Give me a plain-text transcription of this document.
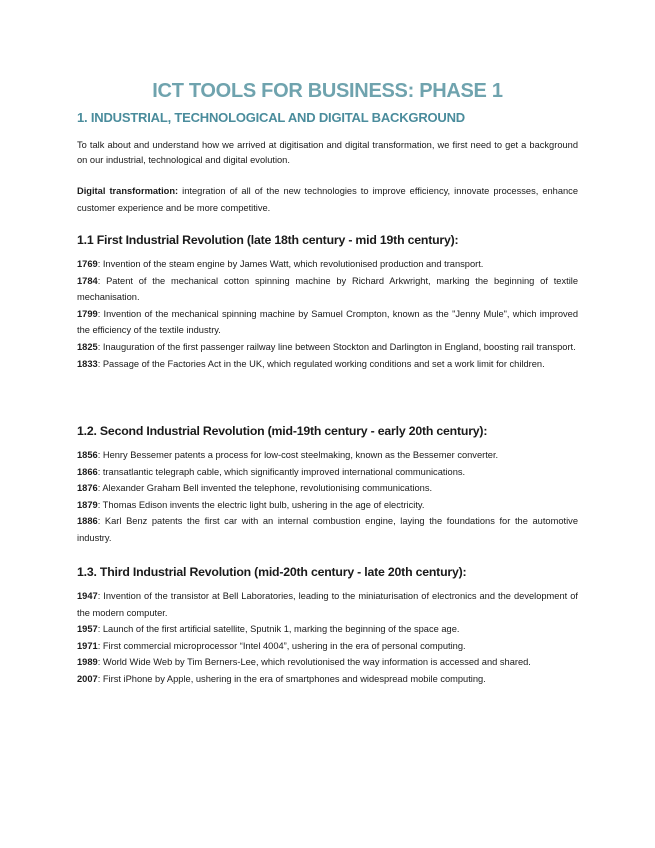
ICT TOOLS FOR BUSINESS: PHASE 1
1. INDUSTRIAL, TECHNOLOGICAL AND DIGITAL BACKGROUND
To talk about and understand how we arrived at digitisation and digital transformation, we first need to get a background on our industrial, technological and digital evolution.
Digital transformation: integration of all of the new technologies to improve efficiency, innovate processes, enhance customer experience and be more competitive.
1.1 First Industrial Revolution (late 18th century - mid 19th century):
1769: Invention of the steam engine by James Watt, which revolutionised production and transport.
1784: Patent of the mechanical cotton spinning machine by Richard Arkwright, marking the beginning of textile mechanisation.
1799: Invention of the mechanical spinning machine by Samuel Crompton, known as the "Jenny Mule", which improved the efficiency of the textile industry.
1825: Inauguration of the first passenger railway line between Stockton and Darlington in England, boosting rail transport.
1833: Passage of the Factories Act in the UK, which regulated working conditions and set a work limit for children.
1.2. Second Industrial Revolution (mid-19th century - early 20th century):
1856: Henry Bessemer patents a process for low-cost steelmaking, known as the Bessemer converter.
1866: transatlantic telegraph cable, which significantly improved international communications.
1876: Alexander Graham Bell invented the telephone, revolutionising communications.
1879: Thomas Edison invents the electric light bulb, ushering in the age of electricity.
1886: Karl Benz patents the first car with an internal combustion engine, laying the foundations for the automotive industry.
1.3. Third Industrial Revolution (mid-20th century - late 20th century):
1947: Invention of the transistor at Bell Laboratories, leading to the miniaturisation of electronics and the development of the modern computer.
1957: Launch of the first artificial satellite, Sputnik 1, marking the beginning of the space age.
1971: First commercial microprocessor “Intel 4004”, ushering in the era of personal computing.
1989: World Wide Web by Tim Berners-Lee, which revolutionised the way information is accessed and shared.
2007: First iPhone by Apple, ushering in the era of smartphones and widespread mobile computing.
